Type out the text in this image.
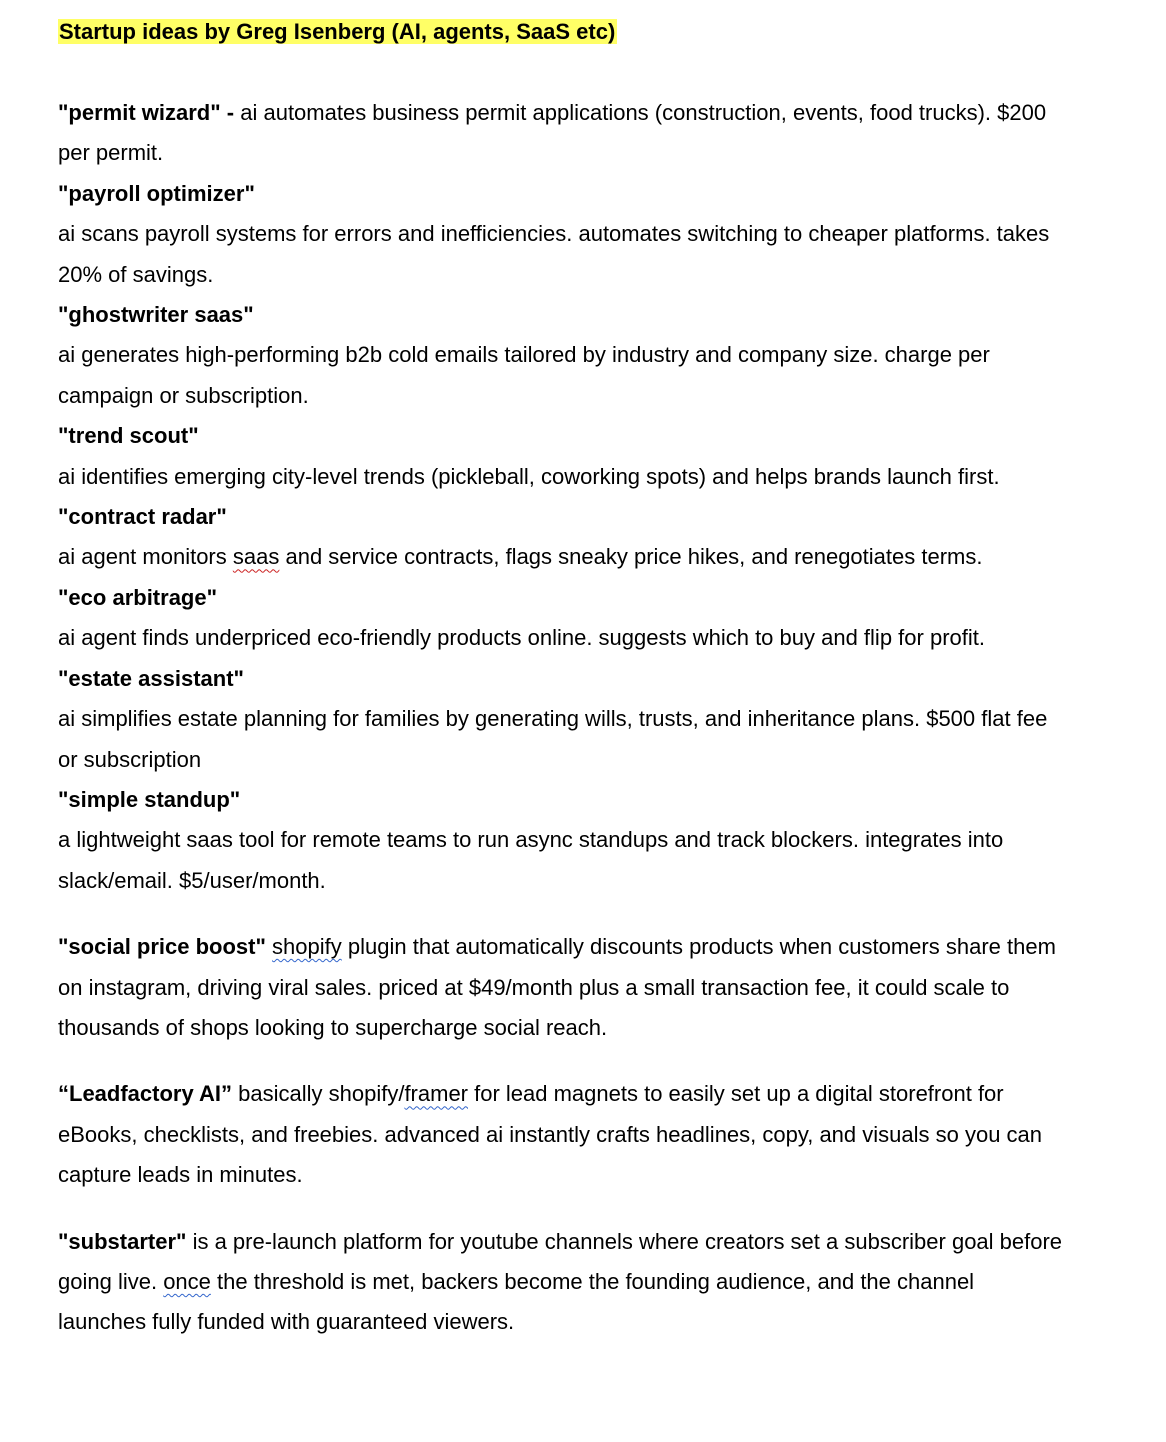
Startup ideas by Greg Isenberg (AI, agents, SaaS etc)

"permit wizard" - ai automates business permit applications (construction, events, food trucks). $200 per permit.

"payroll optimizer"
ai scans payroll systems for errors and inefficiencies. automates switching to cheaper platforms. takes 20% of savings.

"ghostwriter saas"
ai generates high-performing b2b cold emails tailored by industry and company size. charge per campaign or subscription.

"trend scout"
ai identifies emerging city-level trends (pickleball, coworking spots) and helps brands launch first.

"contract radar"
ai agent monitors saas and service contracts, flags sneaky price hikes, and renegotiates terms.

"eco arbitrage"
ai agent finds underpriced eco-friendly products online. suggests which to buy and flip for profit.

"estate assistant"
ai simplifies estate planning for families by generating wills, trusts, and inheritance plans. $500 flat fee or subscription

"simple standup"
a lightweight saas tool for remote teams to run async standups and track blockers. integrates into slack/email. $5/user/month.

"social price boost" shopify plugin that automatically discounts products when customers share them on instagram, driving viral sales. priced at $49/month plus a small transaction fee, it could scale to thousands of shops looking to supercharge social reach.

“Leadfactory AI” basically shopify/framer for lead magnets to easily set up a digital storefront for eBooks, checklists, and freebies. advanced ai instantly crafts headlines, copy, and visuals so you can capture leads in minutes.

"substarter" is a pre-launch platform for youtube channels where creators set a subscriber goal before going live. once the threshold is met, backers become the founding audience, and the channel launches fully funded with guaranteed viewers.
